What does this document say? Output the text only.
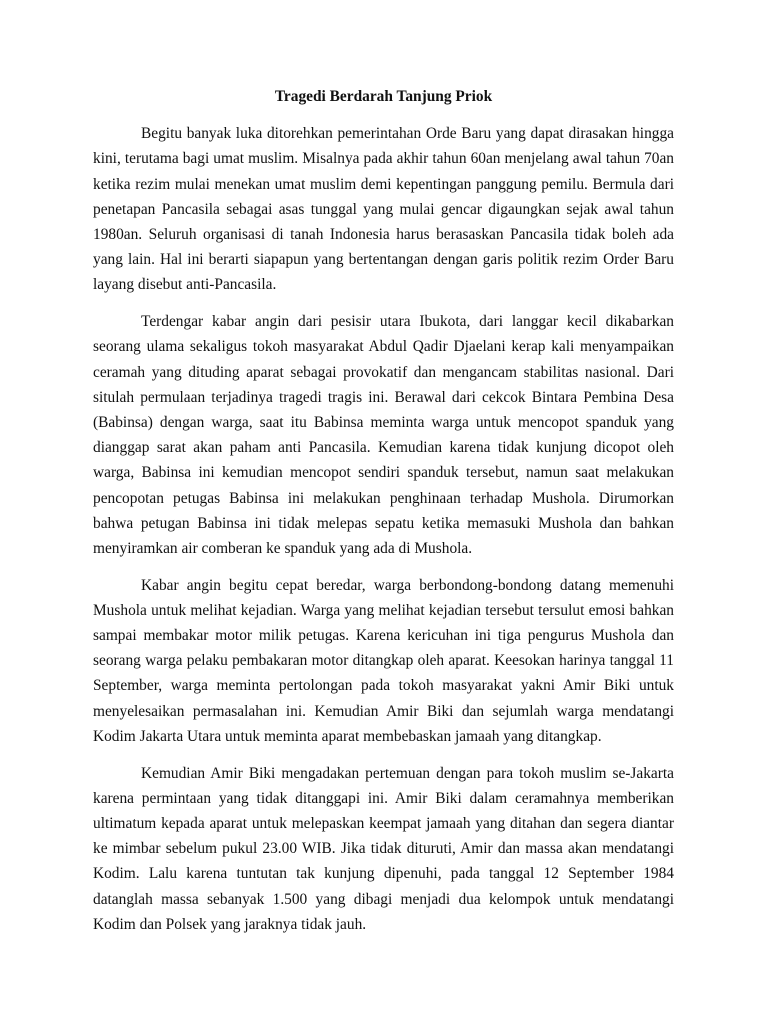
Tragedi Berdarah Tanjung Priok

Begitu banyak luka ditorehkan pemerintahan Orde Baru yang dapat dirasakan hingga kini, terutama bagi umat muslim. Misalnya pada akhir tahun 60an menjelang awal tahun 70an ketika rezim mulai menekan umat muslim demi kepentingan panggung pemilu. Bermula dari penetapan Pancasila sebagai asas tunggal yang mulai gencar digaungkan sejak awal tahun 1980an. Seluruh organisasi di tanah Indonesia harus berasaskan Pancasila tidak boleh ada yang lain. Hal ini berarti siapapun yang bertentangan dengan garis politik rezim Order Baru layang disebut anti-Pancasila.

Terdengar kabar angin dari pesisir utara Ibukota, dari langgar kecil dikabarkan seorang ulama sekaligus tokoh masyarakat Abdul Qadir Djaelani kerap kali menyampaikan ceramah yang dituding aparat sebagai provokatif dan mengancam stabilitas nasional. Dari situlah permulaan terjadinya tragedi tragis ini. Berawal dari cekcok Bintara Pembina Desa (Babinsa) dengan warga, saat itu Babinsa meminta warga untuk mencopot spanduk yang dianggap sarat akan paham anti Pancasila. Kemudian karena tidak kunjung dicopot oleh warga, Babinsa ini kemudian mencopot sendiri spanduk tersebut, namun saat melakukan pencopotan petugas Babinsa ini melakukan penghinaan terhadap Mushola. Dirumorkan bahwa petugan Babinsa ini tidak melepas sepatu ketika memasuki Mushola dan bahkan menyiramkan air comberan ke spanduk yang ada di Mushola.

Kabar angin begitu cepat beredar, warga berbondong-bondong datang memenuhi Mushola untuk melihat kejadian. Warga yang melihat kejadian tersebut tersulut emosi bahkan sampai membakar motor milik petugas. Karena kericuhan ini tiga pengurus Mushola dan seorang warga pelaku pembakaran motor ditangkap oleh aparat. Keesokan harinya tanggal 11 September, warga meminta pertolongan pada tokoh masyarakat yakni Amir Biki untuk menyelesaikan permasalahan ini. Kemudian Amir Biki dan sejumlah warga mendatangi Kodim Jakarta Utara untuk meminta aparat membebaskan jamaah yang ditangkap.

Kemudian Amir Biki mengadakan pertemuan dengan para tokoh muslim se-Jakarta karena permintaan yang tidak ditanggapi ini. Amir Biki dalam ceramahnya memberikan ultimatum kepada aparat untuk melepaskan keempat jamaah yang ditahan dan segera diantar ke mimbar sebelum pukul 23.00 WIB. Jika tidak dituruti, Amir dan massa akan mendatangi Kodim. Lalu karena tuntutan tak kunjung dipenuhi, pada tanggal 12 September 1984 datanglah massa sebanyak 1.500 yang dibagi menjadi dua kelompok untuk mendatangi Kodim dan Polsek yang jaraknya tidak jauh.
